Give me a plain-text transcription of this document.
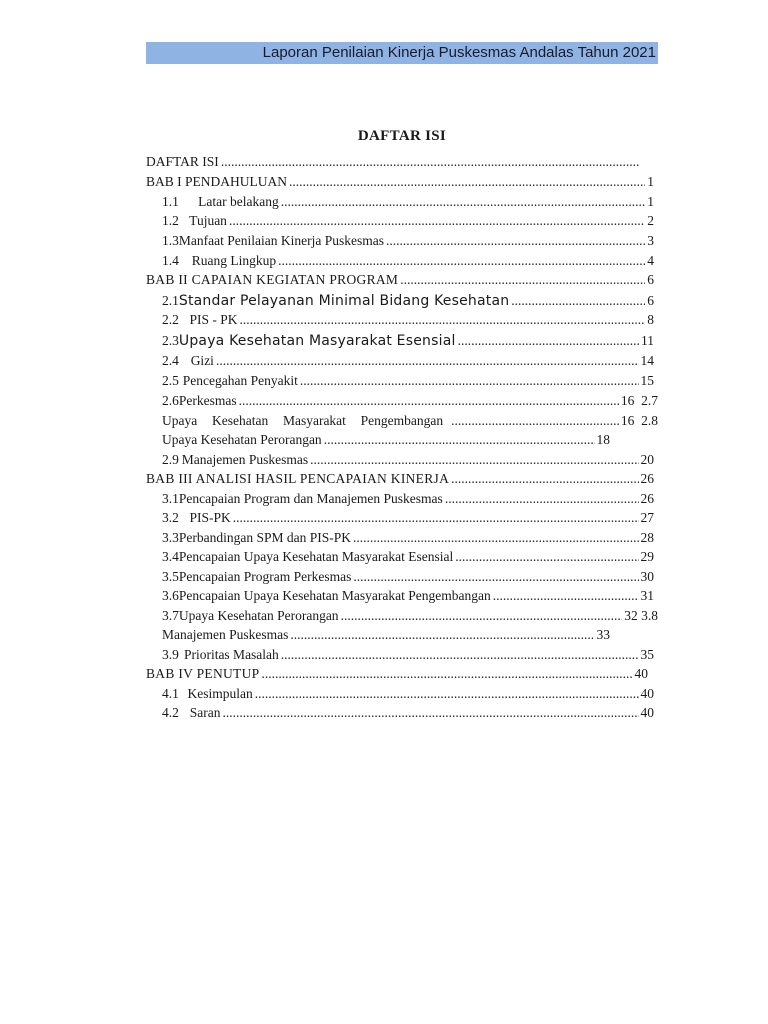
Laporan Penilaian Kinerja Puskesmas Andalas Tahun 2021
DAFTAR ISI
DAFTAR ISI
.....
BAB I PENDAHULUAN .....	1
1.1	Latar belakang .....	1
1.2 Tujuan .....	2
1.3 Manfaat Penilaian Kinerja Puskesmas .....	3
1.4 Ruang Lingkup .....	4
BAB II CAPAIAN KEGIATAN PROGRAM .....	6
2.1 Standar Pelayanan Minimal Bidang Kesehatan .....	6
2.2 PIS - PK .....	8
2.3 Upaya Kesehatan Masyarakat Esensial .....	11
2.4 Gizi .....	14
2.5 Pencegahan Penyakit .....	15
2.6 Perkesmas .....	16  2.7
Upaya  Kesehatan  Masyarakat  Pengembangan .....	16  2.8
Upaya Kesehatan Perorangan .....	18
2.9 Manajemen Puskesmas .....	20
BAB III ANALISI HASIL PENCAPAIAN KINERJA .....	26
3.1 Pencapaian Program dan Manajemen Puskesmas .....	26
3.2 PIS-PK .....	27
3.3 Perbandingan SPM dan PIS-PK .....	28
3.4 Pencapaian Upaya Kesehatan Masyarakat Esensial .....	29
3.5 Pencapaian Program Perkesmas .....	30
3.6 Pencapaian Upaya Kesehatan Masyarakat Pengembangan .....	31
3.7 Upaya Kesehatan Perorangan .....	32 3.8
Manajemen Puskesmas .....	33
3.9 Prioritas Masalah .....	35
BAB IV PENUTUP .....	40
4.1 Kesimpulan .....	40
4.2 Saran .....	40
